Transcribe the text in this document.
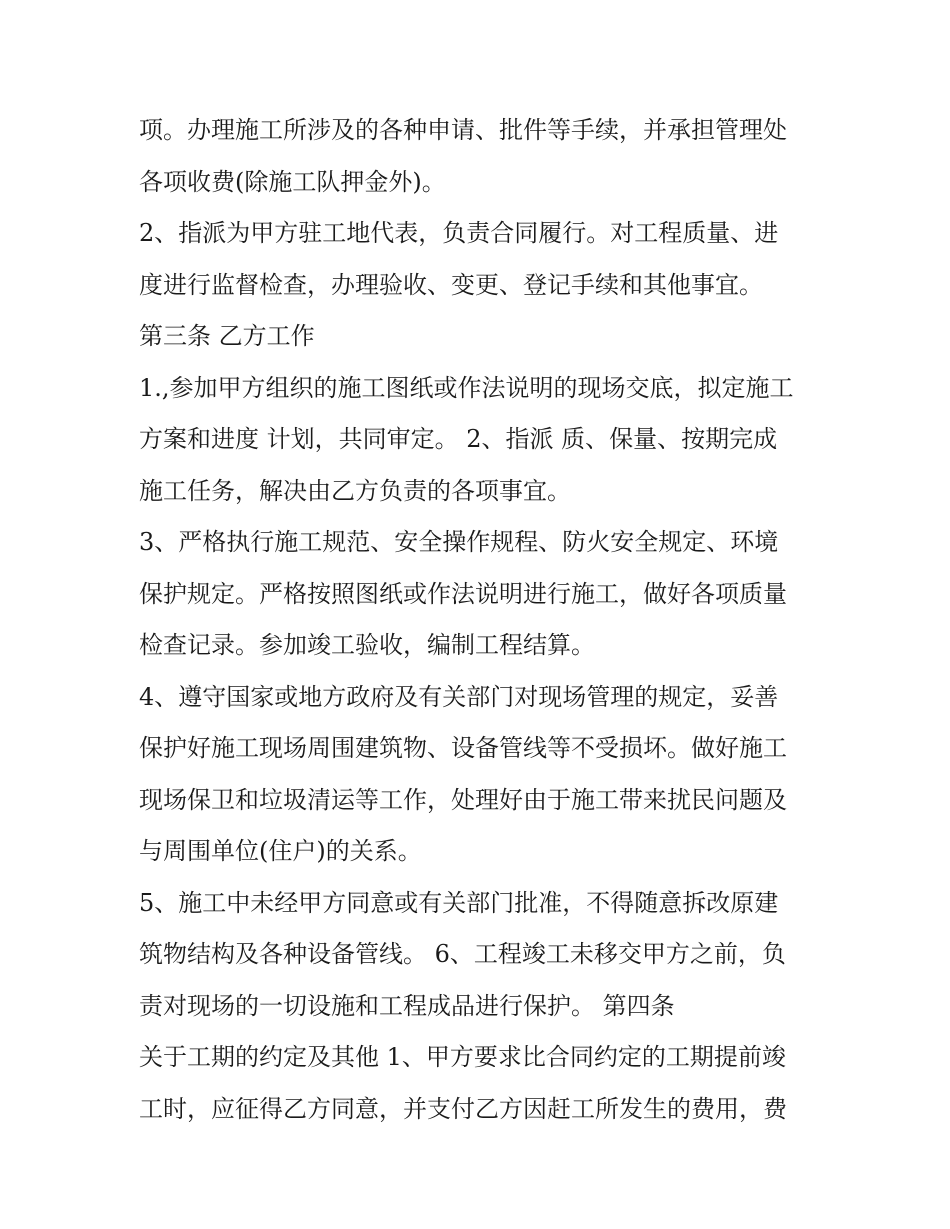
项。办理施工所涉及的各种申请、批件等手续，并承担管理处
各项收费(除施工队押金外)。
2、指派为甲方驻工地代表，负责合同履行。对工程质量、进
度进行监督检查，办理验收、变更、登记手续和其他事宜。
第三条 乙方工作
1.,参加甲方组织的施工图纸或作法说明的现场交底，拟定施工
方案和进度 计划，共同审定。 2、指派 质、保量、按期完成
施工任务，解决由乙方负责的各项事宜。
3、严格执行施工规范、安全操作规程、防火安全规定、环境
保护规定。严格按照图纸或作法说明进行施工，做好各项质量
检查记录。参加竣工验收，编制工程结算。
4、遵守国家或地方政府及有关部门对现场管理的规定，妥善
保护好施工现场周围建筑物、设备管线等不受损坏。做好施工
现场保卫和垃圾清运等工作，处理好由于施工带来扰民问题及
与周围单位(住户)的关系。
5、施工中未经甲方同意或有关部门批准，不得随意拆改原建
筑物结构及各种设备管线。 6、工程竣工未移交甲方之前，负
责对现场的一切设施和工程成品进行保护。 第四条
关于工期的约定及其他 1、甲方要求比合同约定的工期提前竣
工时，应征得乙方同意，并支付乙方因赶工所发生的费用，费
